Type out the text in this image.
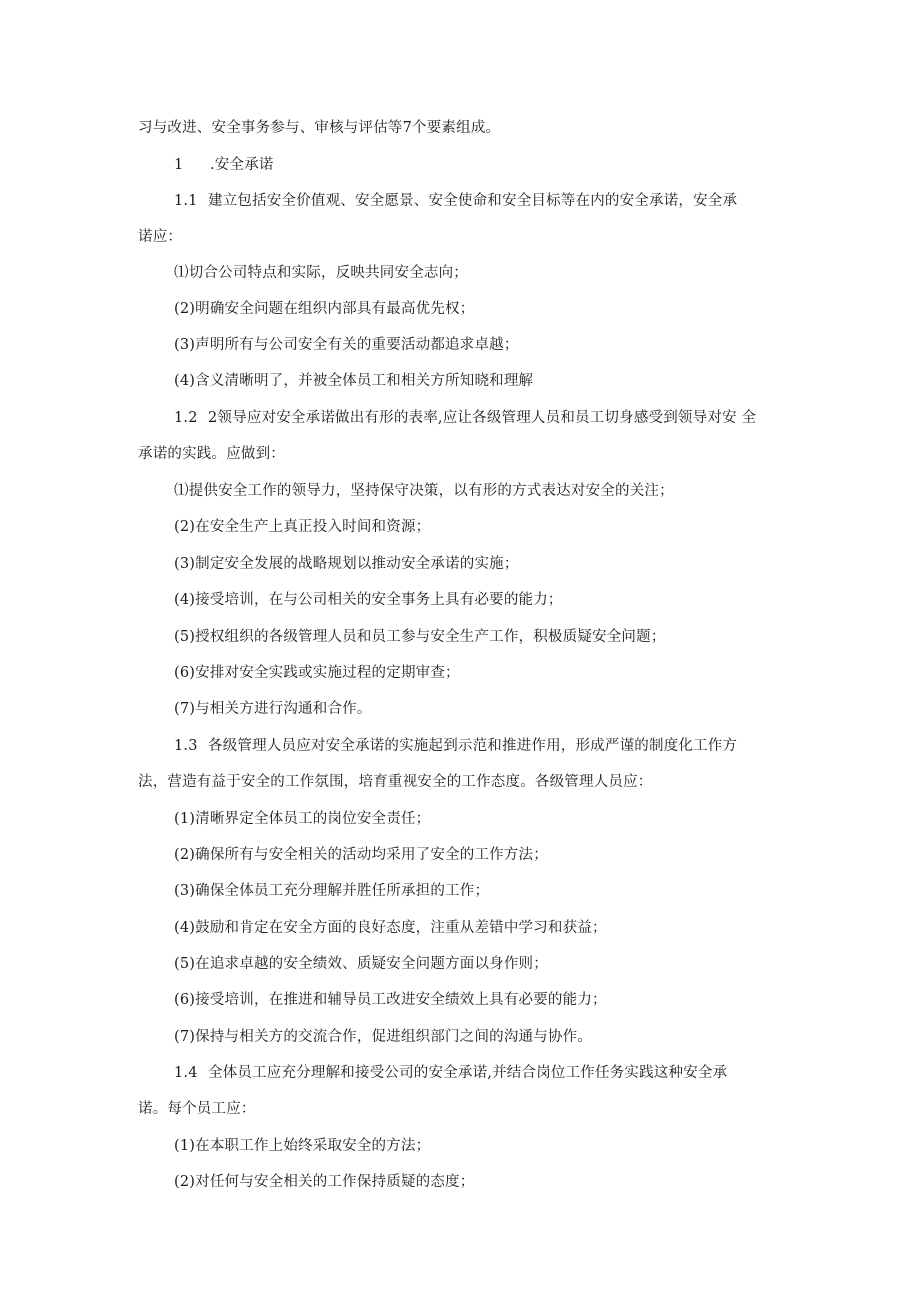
习与改进、安全事务参与、审核与评估等7个要素组成。
1 .安全承诺
1.1 建立包括安全价值观、安全愿景、安全使命和安全目标等在内的安全承诺，安全承
诺应：
⑴切合公司特点和实际，反映共同安全志向；
(2)明确安全问题在组织内部具有最高优先权；
(3)声明所有与公司安全有关的重要活动都追求卓越；
(4)含义清晰明了，并被全体员工和相关方所知晓和理解
1.2 2领导应对安全承诺做出有形的表率,应让各级管理人员和员工切身感受到领导对安 全
承诺的实践。应做到：
⑴提供安全工作的领导力，坚持保守决策，以有形的方式表达对安全的关注；
(2)在安全生产上真正投入时间和资源；
(3)制定安全发展的战略规划以推动安全承诺的实施；
(4)接受培训，在与公司相关的安全事务上具有必要的能力；
(5)授权组织的各级管理人员和员工参与安全生产工作，积极质疑安全问题；
(6)安排对安全实践或实施过程的定期审查；
(7)与相关方进行沟通和合作。
1.3 各级管理人员应对安全承诺的实施起到示范和推进作用，形成严谨的制度化工作方
法，营造有益于安全的工作氛围，培育重视安全的工作态度。各级管理人员应：
(1)清晰界定全体员工的岗位安全责任；
(2)确保所有与安全相关的活动均采用了安全的工作方法；
(3)确保全体员工充分理解并胜任所承担的工作；
(4)鼓励和肯定在安全方面的良好态度，注重从差错中学习和获益；
(5)在追求卓越的安全绩效、质疑安全问题方面以身作则；
(6)接受培训，在推进和辅导员工改进安全绩效上具有必要的能力；
(7)保持与相关方的交流合作，促进组织部门之间的沟通与协作。
1.4 全体员工应充分理解和接受公司的安全承诺,并结合岗位工作任务实践这种安全承
诺。每个员工应：
(1)在本职工作上始终采取安全的方法；
(2)对任何与安全相关的工作保持质疑的态度；
